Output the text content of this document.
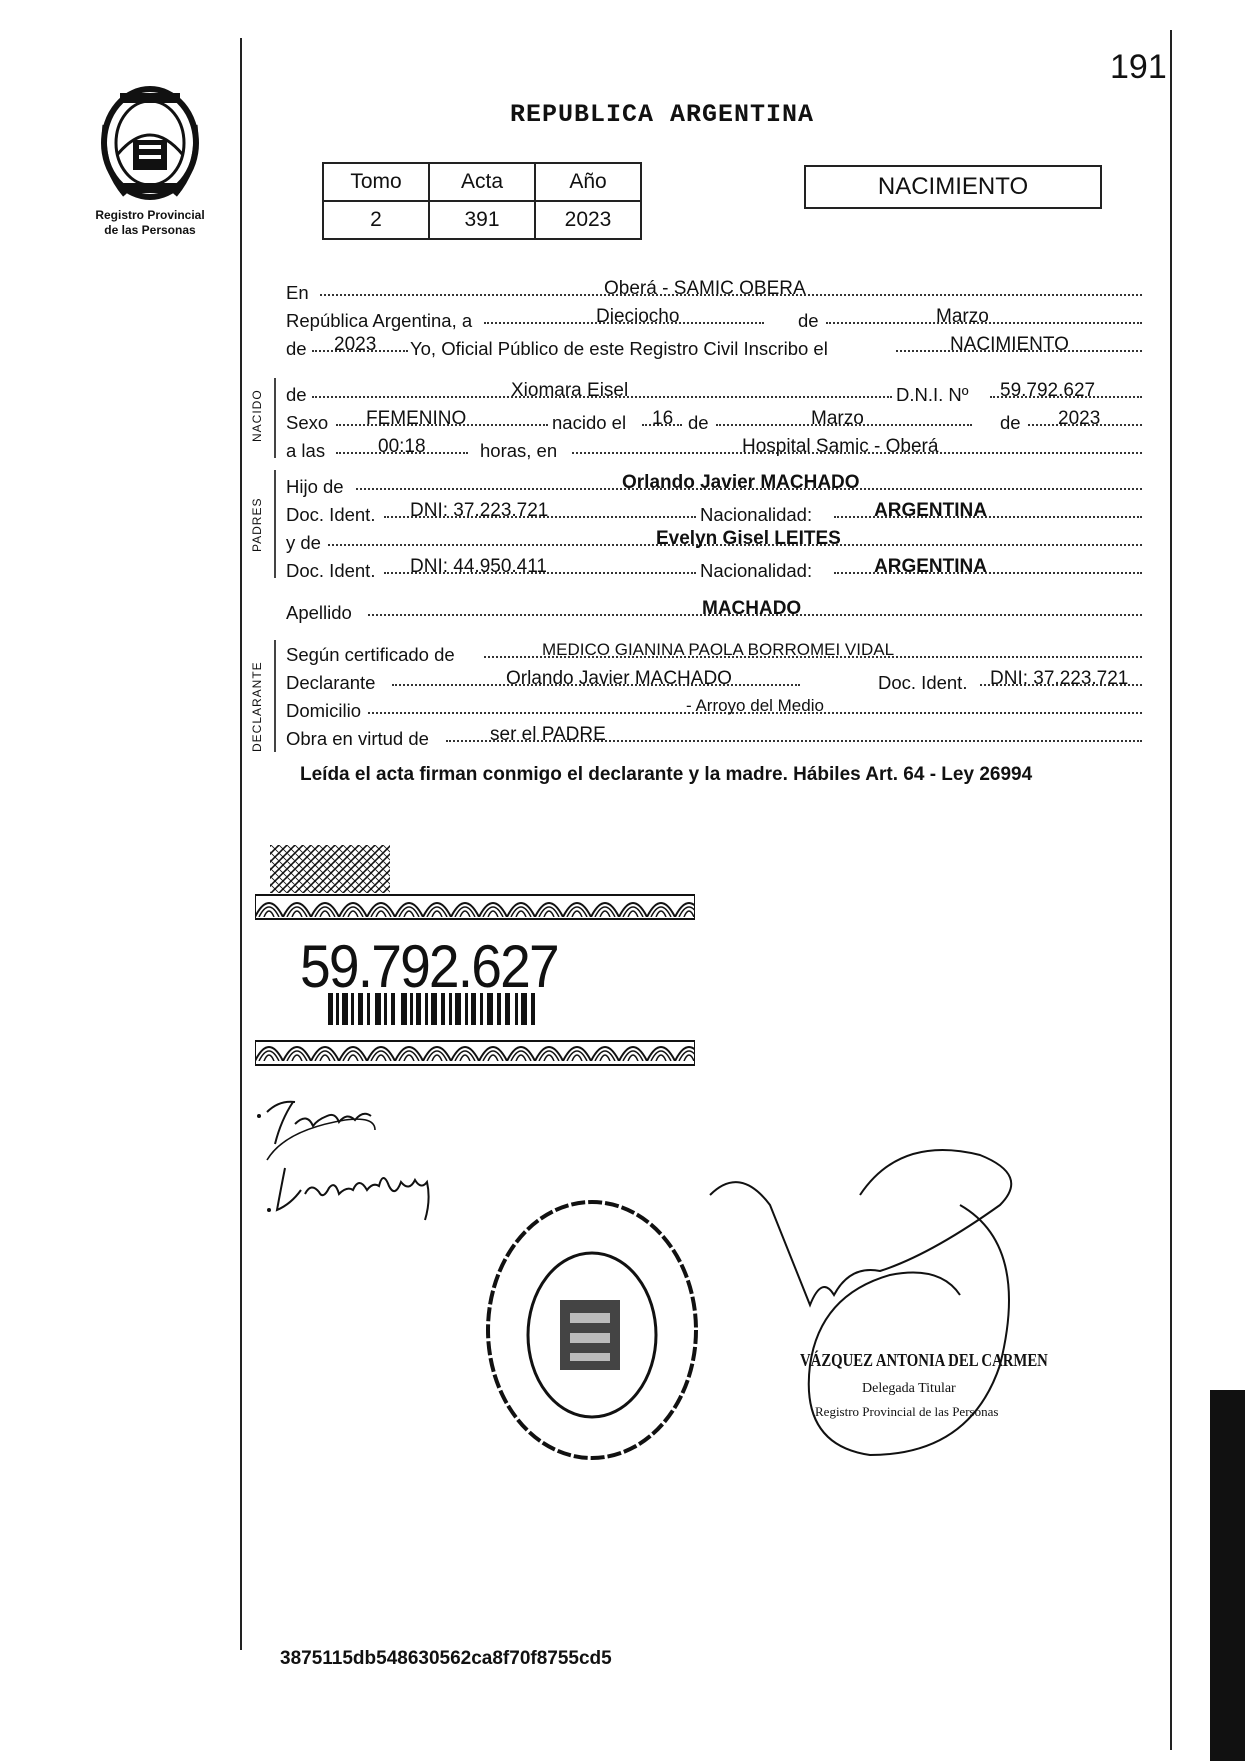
191
Registro Provincial
de las Personas
REPUBLICA ARGENTINA
Tomo	Acta	Año
2	391	2023
NACIMIENTO
En	Oberá - SAMIC OBERA
República Argentina, a	Dieciocho	de	Marzo
de 2023 Yo, Oficial Público de este Registro Civil Inscribo el	NACIMIENTO
NACIDO de	Xiomara Eisel	D.N.I. Nº 59.792.627
Sexo FEMENINO	nacido el 16 de	Marzo	de 2023
a las	00:18	horas, en	Hospital Samic - Oberá
PADRES
Hijo de	Orlando Javier MACHADO
Doc. Ident. DNI: 37.223.721	Nacionalidad:	ARGENTINA
y de	Evelyn Gisel LEITES
Doc. Ident. DNI: 44.950.411	Nacionalidad:	ARGENTINA
Apellido	MACHADO
DECLARANTE
Según certificado de	MEDICO GIANINA PAOLA BORROMEI VIDAL
Declarante	Orlando Javier MACHADO	Doc. Ident. DNI: 37.223.721
Domicilio	- Arroyo del Medio
Obra en virtud de	ser el PADRE
Leída el acta firman conmigo el declarante y la madre. Hábiles Art. 64 - Ley 26994
59.792.627
VÁZQUEZ ANTONIA DEL CARMEN
Delegada Titular
Registro Provincial de las Personas
3875115db548630562ca8f70f8755cd5
